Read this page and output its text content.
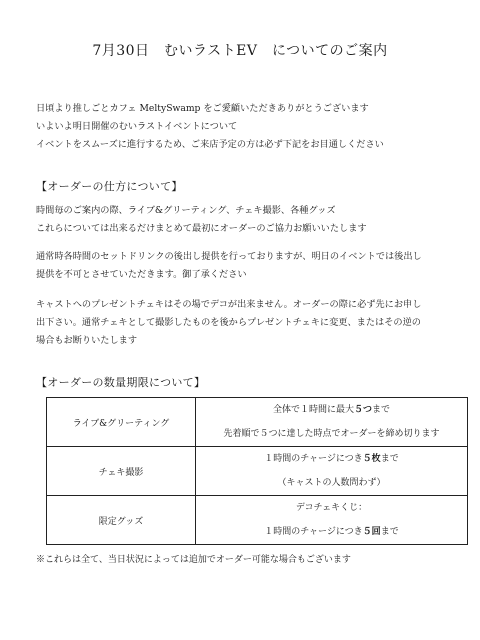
7月30日　むいラストEV　についてのご案内
日頃より推しごとカフェ MeltySwamp をご愛顧いただきありがとうございます
いよいよ明日開催のむいラストイベントについて
イベントをスムーズに進行するため、ご来店予定の方は必ず下記をお目通しください
【オーダーの仕方について】
時間毎のご案内の際、ライブ&グリーティング、チェキ撮影、各種グッズ
これらについては出来るだけまとめて最初にオーダーのご協力お願いいたします
通常時各時間のセットドリンクの後出し提供を行っておりますが、明日のイベントでは後出し
提供を不可とさせていただきます。御了承ください
キャストへのプレゼントチェキはその場でデコが出来ません。オーダーの際に必ず先にお申し
出下さい。通常チェキとして撮影したものを後からプレゼントチェキに変更、またはその逆の
場合もお断りいたします
【オーダーの数量期限について】
ライブ&グリーティング	全体で１時間に最大５つまで
先着順で５つに達した時点でオーダーを締め切ります

チェキ撮影	１時間のチャージにつき５枚まで
（キャストの人数問わず）

限定グッズ	デコチェキくじ：
１時間のチャージにつき５回まで
※これらは全て、当日状況によっては追加でオーダー可能な場合もございます
